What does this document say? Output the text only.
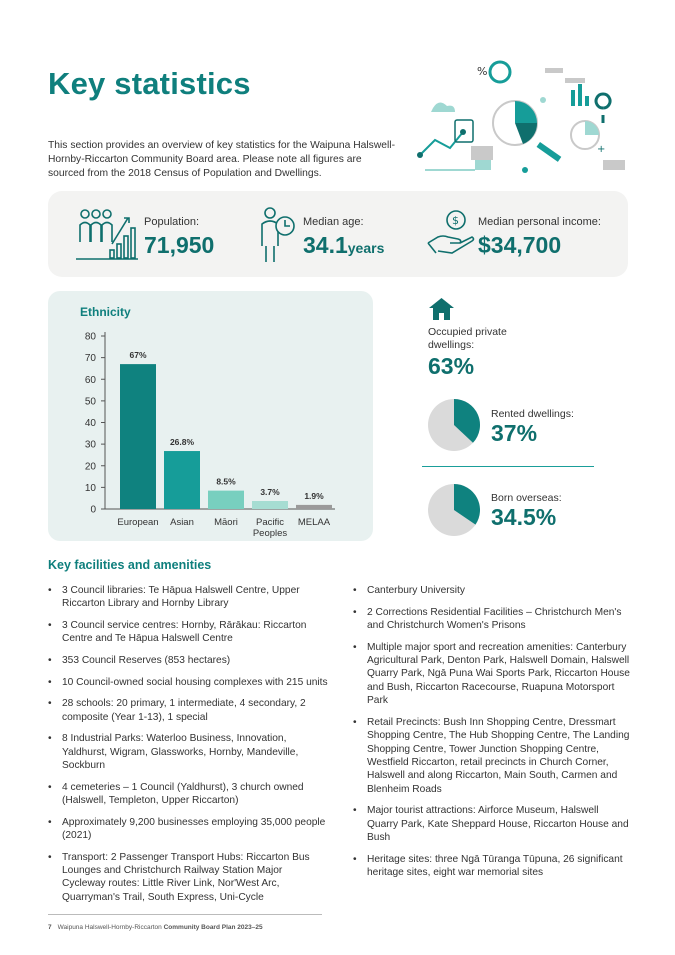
Key statistics

This section provides an overview of key statistics for the Waipuna Halswell-Hornby-Riccarton Community Board area. Please note all figures are sourced from the 2018 Census of Population and Dwellings.

%
+
Population:
71,950
Median age:
34.1years
$ Median personal income:
$34,700
Ethnicity
0
10
20
30
40
50
60
70
80
67%
European
26.8%
Asian
8.5%
Māori
3.7%
Pacific
Peoples
1.9%
MELAA
Occupied private
dwellings:
63%
Rented dwellings:
37%
Born overseas:
34.5%
Key facilities and amenities
• 3 Council libraries: Te Hāpua Halswell Centre, Upper Riccarton Library and Hornby Library
• 3 Council service centres: Hornby, Rārākau: Riccarton Centre and Te Hāpua Halswell Centre
• 353 Council Reserves (853 hectares)
• 10 Council-owned social housing complexes with 215 units
• 28 schools: 20 primary, 1 intermediate, 4 secondary, 2 composite (Year 1-13), 1 special
• 8 Industrial Parks: Waterloo Business, Innovation, Yaldhurst, Wigram, Glassworks, Hornby, Mandeville, Sockburn
• 4 cemeteries – 1 Council (Yaldhurst), 3 church owned (Halswell, Templeton, Upper Riccarton)
• Approximately 9,200 businesses employing 35,000 people (2021)
• Transport: 2 Passenger Transport Hubs: Riccarton Bus Lounges and Christchurch Railway Station Major Cycleway routes: Little River Link, Nor'West Arc, Quarryman's Trail, South Express, Uni-Cycle
• Canterbury University
• 2 Corrections Residential Facilities – Christchurch Men's and Christchurch Women's Prisons
• Multiple major sport and recreation amenities: Canterbury Agricultural Park, Denton Park, Halswell Domain, Halswell Quarry Park, Ngā Puna Wai Sports Park, Riccarton House and Bush, Riccarton Racecourse, Ruapuna Motorsport Park
• Retail Precincts: Bush Inn Shopping Centre, Dressmart Shopping Centre, The Hub Shopping Centre, The Landing Shopping Centre, Tower Junction Shopping Centre, Westfield Riccarton, retail precincts in Church Corner, Halswell and along Riccarton, Main South, Carmen and Blenheim Roads
• Major tourist attractions: Airforce Museum, Halswell Quarry Park, Kate Sheppard House, Riccarton House and Bush
• Heritage sites: three Ngā Tūranga Tūpuna, 26 significant heritage sites, eight war memorial sites
7 Waipuna Halswell-Hornby-Riccarton Community Board Plan 2023–25
